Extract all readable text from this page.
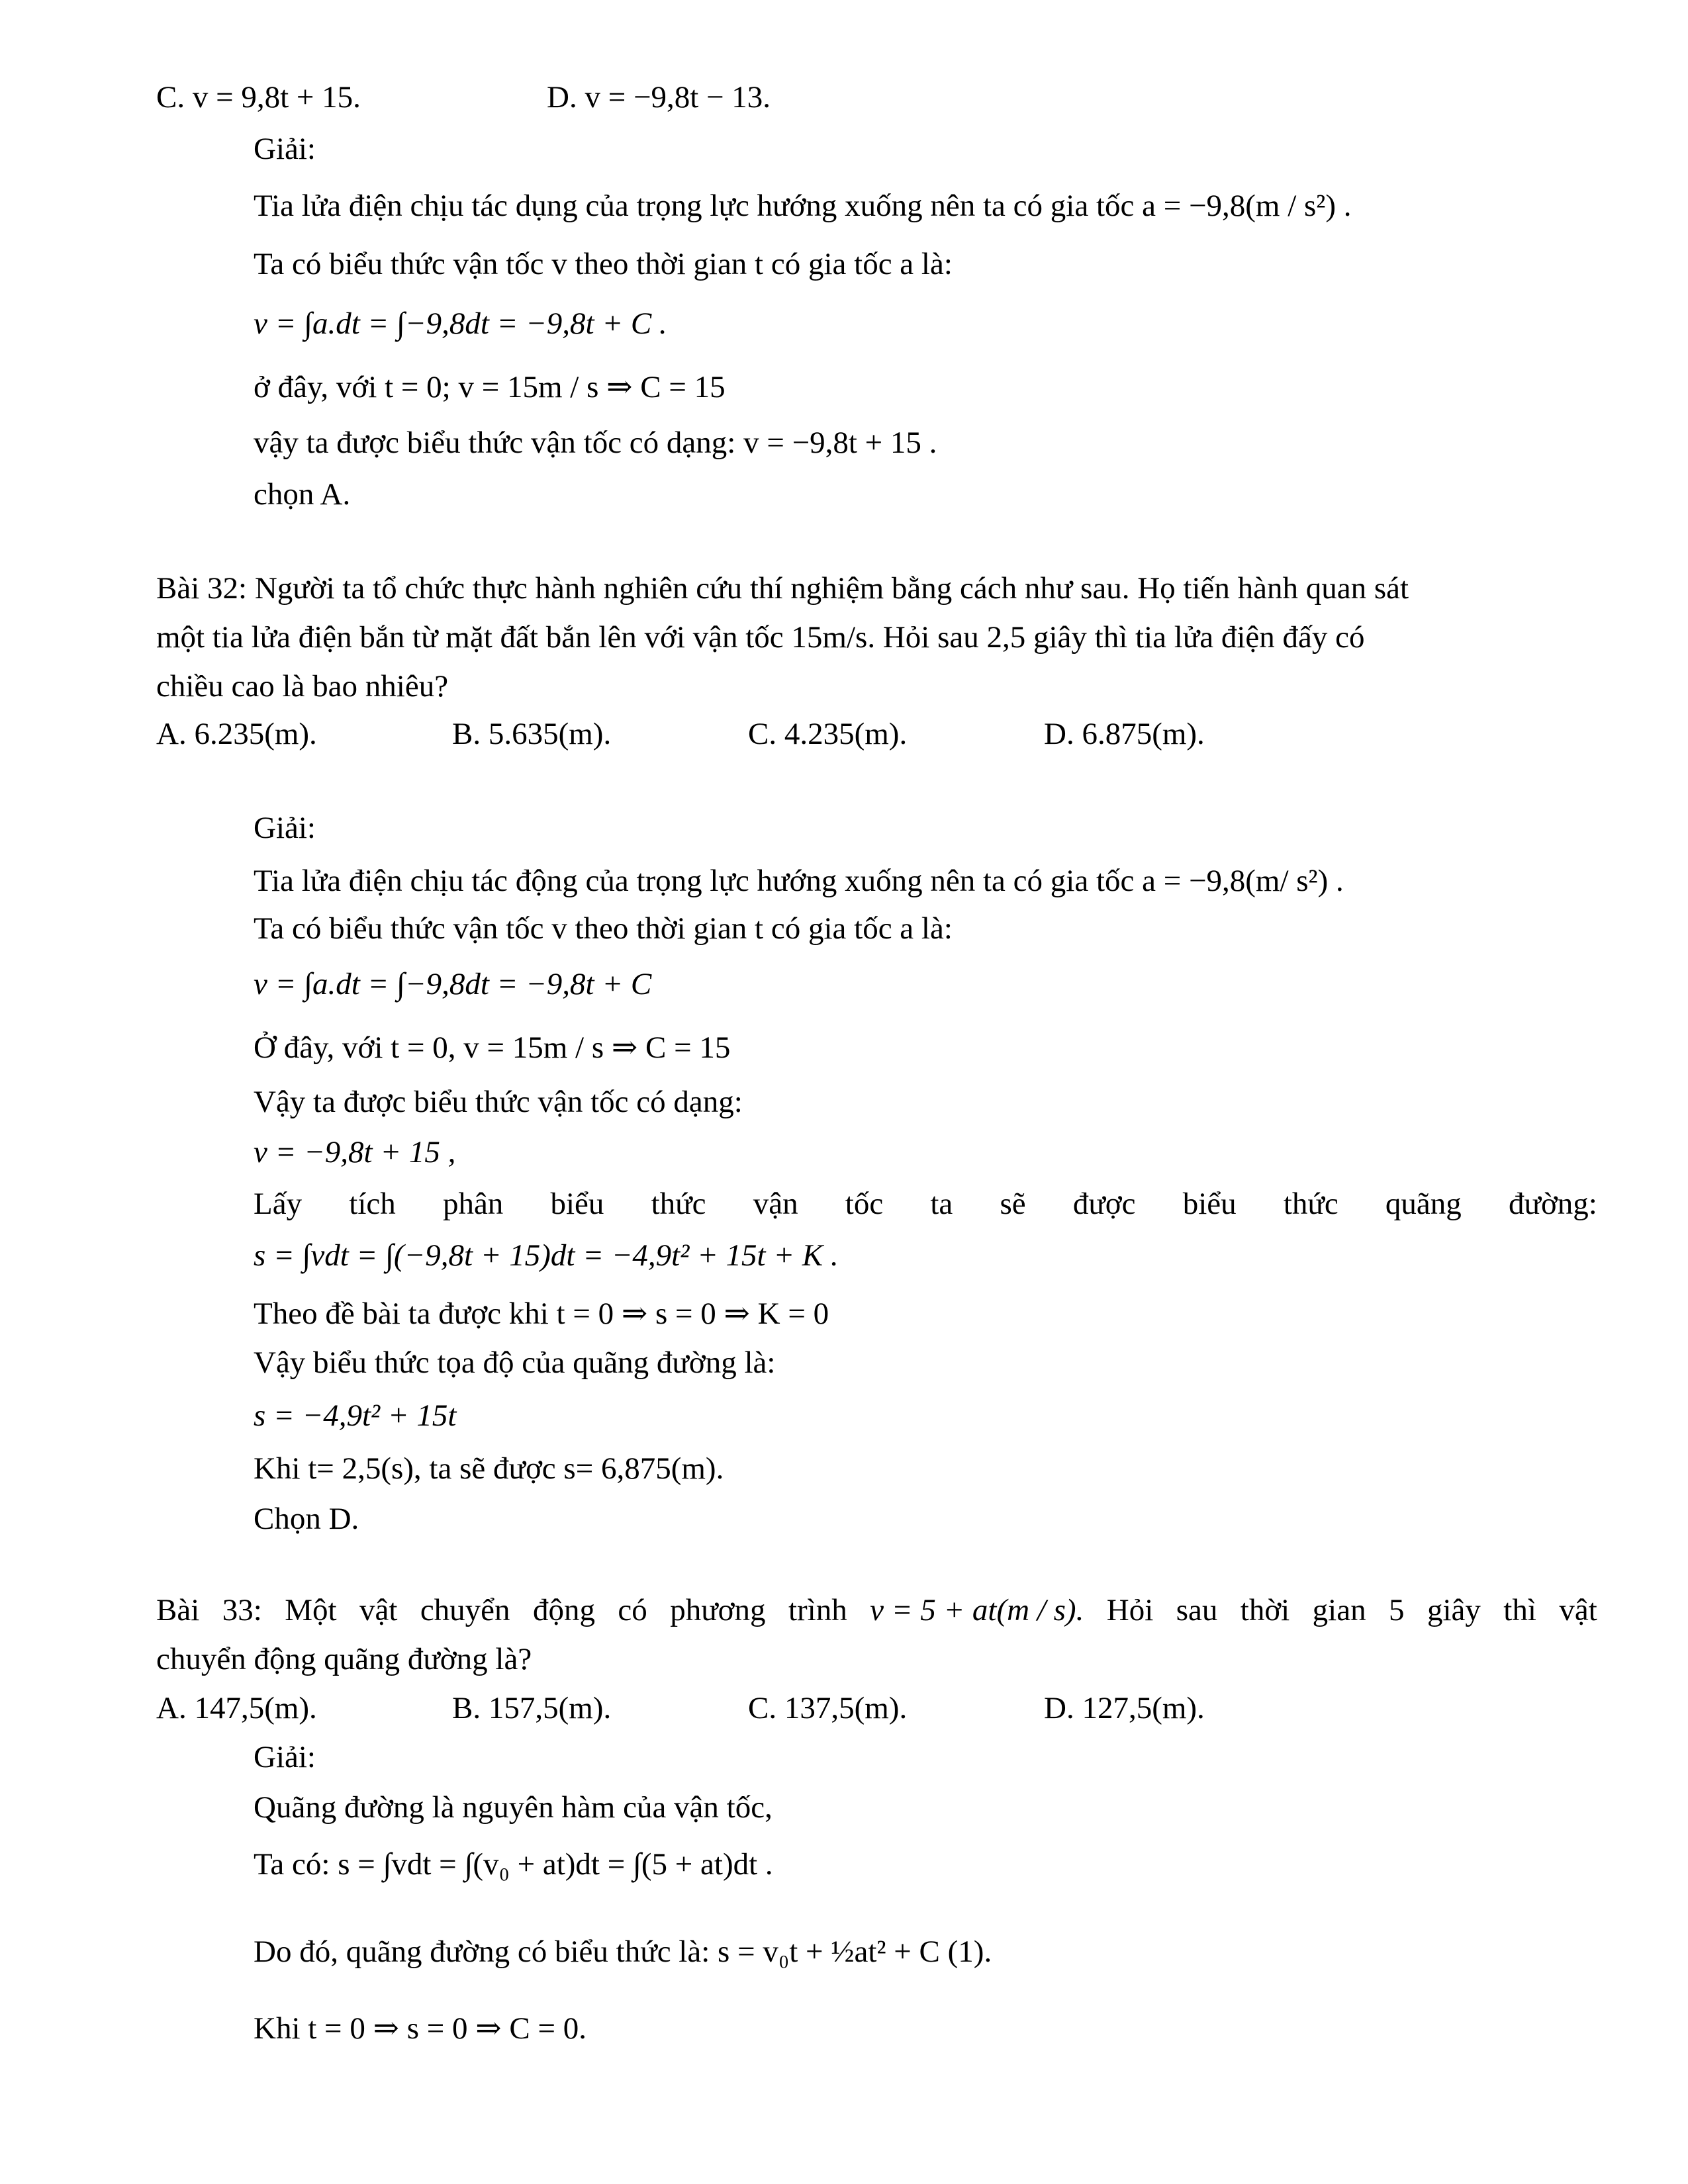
C. v = 9,8t + 15.	D. v = −9,8t − 13.
Giải:
Tia lửa điện chịu tác dụng của trọng lực hướng xuống nên ta có gia tốc a = −9,8(m / s²) .
Ta có biểu thức vận tốc v theo thời gian t có gia tốc a là:
v = ∫a.dt = ∫−9,8dt = −9,8t + C .
ở đây, với t = 0; v = 15m / s ⇒ C = 15
vậy ta được biểu thức vận tốc có dạng: v = −9,8t + 15 .
chọn A.
Bài 32: Người ta tổ chức thực hành nghiên cứu thí nghiệm bằng cách như sau. Họ tiến hành quan sát
một tia lửa điện bắn từ mặt đất bắn lên với vận tốc 15m/s. Hỏi sau 2,5 giây thì tia lửa điện đấy có
chiều cao là bao nhiêu?
A. 6.235(m).	B. 5.635(m).	C. 4.235(m).	D. 6.875(m).
Giải:
Tia lửa điện chịu tác động của trọng lực hướng xuống nên ta có gia tốc a = −9,8(m/ s²) .
Ta có biểu thức vận tốc v theo thời gian t có gia tốc a là:
v = ∫a.dt = ∫−9,8dt = −9,8t + C
Ở đây, với t = 0, v = 15m / s ⇒ C = 15
Vậy ta được biểu thức vận tốc có dạng:
v = −9,8t + 15 ,
Lấy tích phân biểu thức vận tốc ta sẽ được biểu thức quãng đường:
s = ∫vdt = ∫(−9,8t + 15)dt = −4,9t² + 15t + K .
Theo đề bài ta được khi t = 0 ⇒ s = 0 ⇒ K = 0
Vậy biểu thức tọa độ của quãng đường là:
s = −4,9t² + 15t
Khi t= 2,5(s), ta sẽ được s= 6,875(m).
Chọn D.
Bài 33: Một vật chuyển động có phương trình v = 5 + at(m / s). Hỏi sau thời gian 5 giây thì vật
chuyển động quãng đường là?
A. 147,5(m).	B. 157,5(m).	C. 137,5(m).	D. 127,5(m).
Giải:
Quãng đường là nguyên hàm của vận tốc,
Ta có: s = ∫vdt = ∫(v₀ + at)dt = ∫(5 + at)dt .
Do đó, quãng đường có biểu thức là: s = v₀t + ½at² + C (1).
Khi t = 0 ⇒ s = 0 ⇒ C = 0.
